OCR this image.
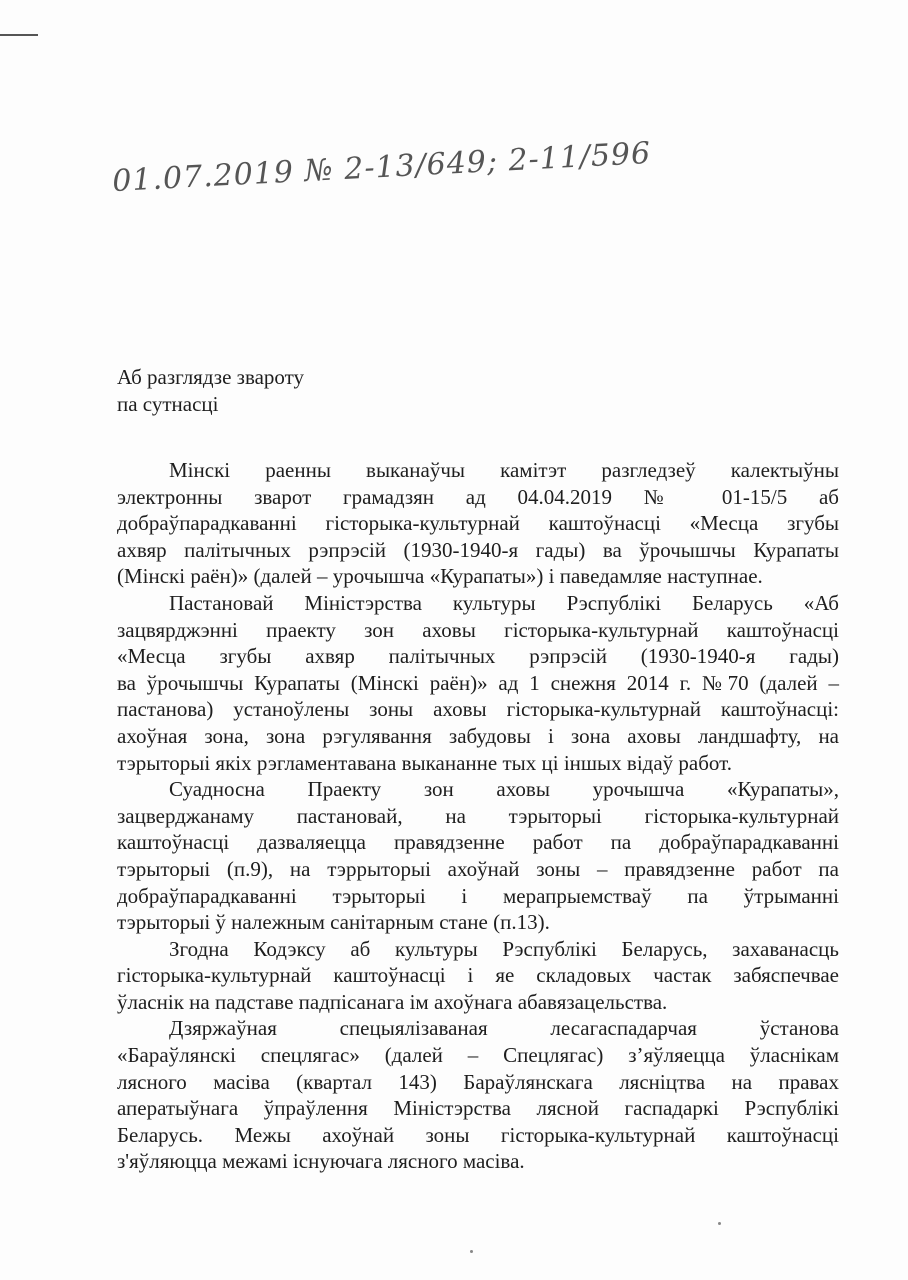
01.07.2019 № 2-13/649; 2-11/596
Аб разглядзе звароту
па сутнасці
Мінскі раенны выканаўчы камітэт разгледзеў калектыўны
электронны зварот грамадзян ад 04.04.2019 № 01-15/5 аб
добраўпарадкаванні гісторыка-культурнай каштоўнасці «Месца згубы
ахвяр палітычных рэпрэсій (1930-1940-я гады) ва ўрочышчы Курапаты
(Мінскі раён)» (далей – урочышча «Курапаты») і паведамляе наступнае.
Пастановай Міністэрства культуры Рэспублікі Беларусь «Аб
зацвярджэнні праекту зон аховы гісторыка-культурнай каштоўнасці
«Месца згубы ахвяр палітычных рэпрэсій (1930-1940-я гады)
ва ўрочышчы Курапаты (Мінскі раён)» ад 1 снежня 2014 г. №70 (далей –
пастанова) устаноўлены зоны аховы гісторыка-культурнай каштоўнасці:
ахоўная зона, зона рэгулявання забудовы і зона аховы ландшафту, на
тэрыторыі якіх рэгламентавана выкананне тых ці іншых відаў работ.
Суадносна Праекту зон аховы урочышча «Курапаты»,
зацверджанаму пастановай, на тэрыторыі гісторыка-культурнай
каштоўнасці дазваляецца правядзенне работ па добраўпарадкаванні
тэрыторыі (п.9), на тэррыторыі ахоўнай зоны – правядзенне работ па
добраўпарадкаванні тэрыторыі і мерапрыемстваў па ўтрыманні
тэрыторыі ў належным санітарным стане (п.13).
Згодна Кодэксу аб культуры Рэспублікі Беларусь, захаванасць
гісторыка-культурнай каштоўнасці і яе складовых частак забяспечвае
ўласнік на падставе падпісанага ім ахоўнага абавязацельства.
Дзяржаўная спецыялізаваная лесагаспадарчая ўстанова
«Бараўлянскі спецлягас» (далей – Спецлягас) з’яўляецца ўласнікам
лясного масіва (квартал 143) Бараўлянскага лясніцтва на правах
аператыўнага ўпраўлення Міністэрства лясной гаспадаркі Рэспублікі
Беларусь. Межы ахоўнай зоны гісторыка-культурнай каштоўнасці
з'яўляюцца межамі існуючага лясного масіва.
